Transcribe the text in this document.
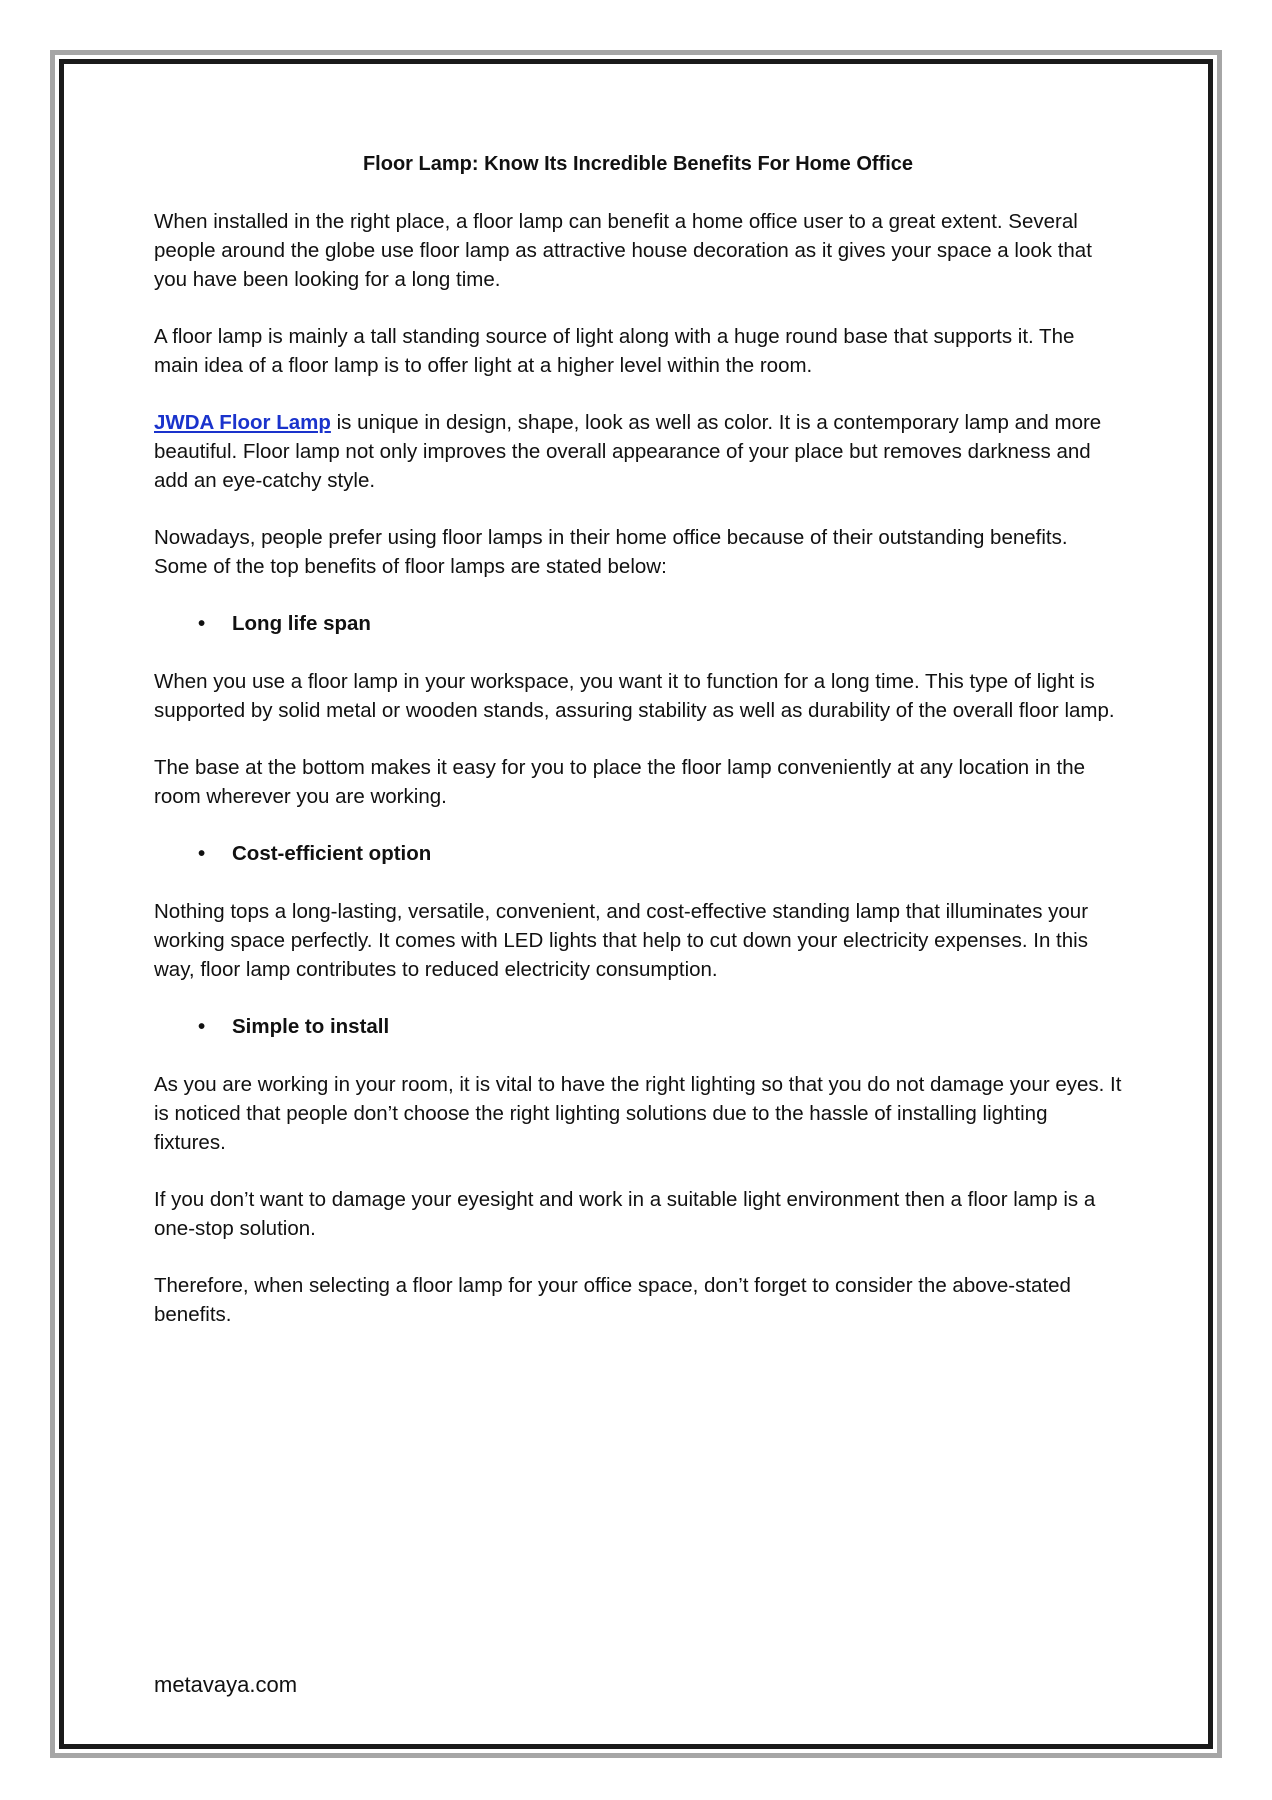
Floor Lamp: Know Its Incredible Benefits For Home Office

When installed in the right place, a floor lamp can benefit a home office user to a great extent. Several people around the globe use floor lamp as attractive house decoration as it gives your space a look that you have been looking for a long time.

A floor lamp is mainly a tall standing source of light along with a huge round base that supports it. The main idea of a floor lamp is to offer light at a higher level within the room.

JWDA Floor Lamp is unique in design, shape, look as well as color. It is a contemporary lamp and more beautiful. Floor lamp not only improves the overall appearance of your place but removes darkness and add an eye-catchy style.

Nowadays, people prefer using floor lamps in their home office because of their outstanding benefits. Some of the top benefits of floor lamps are stated below:

•	Long life span

When you use a floor lamp in your workspace, you want it to function for a long time. This type of light is supported by solid metal or wooden stands, assuring stability as well as durability of the overall floor lamp.

The base at the bottom makes it easy for you to place the floor lamp conveniently at any location in the room wherever you are working.

•	Cost-efficient option

Nothing tops a long-lasting, versatile, convenient, and cost-effective standing lamp that illuminates your working space perfectly. It comes with LED lights that help to cut down your electricity expenses. In this way, floor lamp contributes to reduced electricity consumption.

•	Simple to install

As you are working in your room, it is vital to have the right lighting so that you do not damage your eyes. It is noticed that people don’t choose the right lighting solutions due to the hassle of installing lighting fixtures.

If you don’t want to damage your eyesight and work in a suitable light environment then a floor lamp is a one-stop solution.

Therefore, when selecting a floor lamp for your office space, don’t forget to consider the above-stated benefits.

metavaya.com
